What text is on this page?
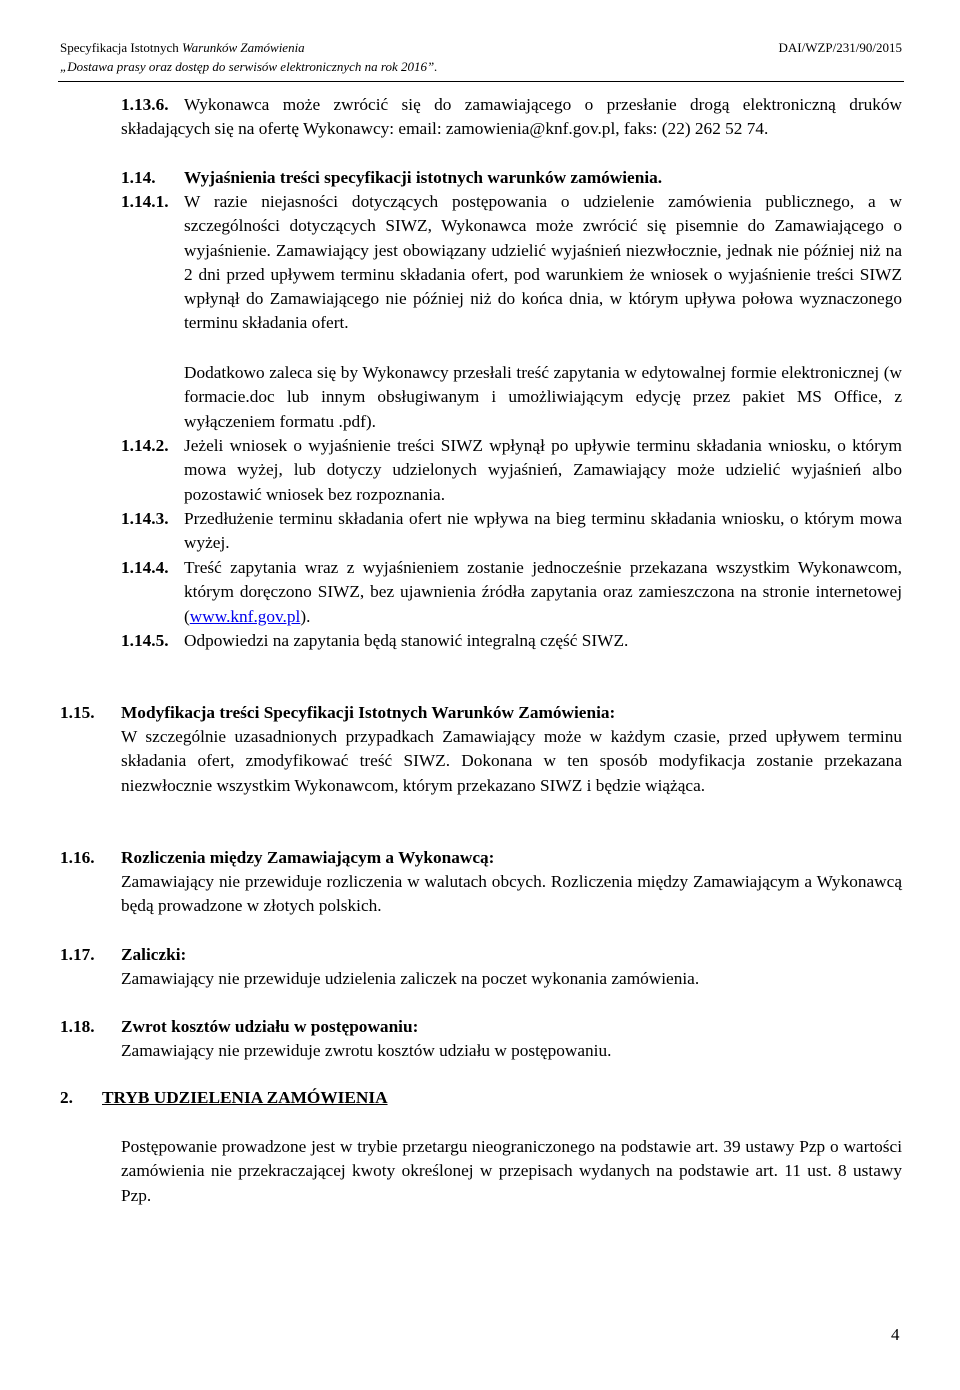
Specyfikacja Istotnych Warunków Zamówienia	DAI/WZP/231/90/2015
„Dostawa prasy oraz dostęp do serwisów elektronicznych na rok 2016”.
1.13.6. Wykonawca może zwrócić się do zamawiającego o przesłanie drogą elektroniczną druków składających się na ofertę Wykonawcy: email: zamowienia@knf.gov.pl, faks: (22) 262 52 74.

1.14. Wyjaśnienia treści specyfikacji istotnych warunków zamówienia.
1.14.1. W razie niejasności dotyczących postępowania o udzielenie zamówienia publicznego, a w szczególności dotyczących SIWZ, Wykonawca może zwrócić się pisemnie do Zamawiającego o wyjaśnienie. Zamawiający jest obowiązany udzielić wyjaśnień niezwłocznie, jednak nie później niż na 2 dni przed upływem terminu składania ofert, pod warunkiem że wniosek o wyjaśnienie treści SIWZ wpłynął do Zamawiającego nie później niż do końca dnia, w którym upływa połowa wyznaczonego terminu składania ofert.

Dodatkowo zaleca się by Wykonawcy przesłali treść zapytania w edytowalnej formie elektronicznej (w formacie.doc lub innym obsługiwanym i umożliwiającym edycję przez pakiet MS Office, z wyłączeniem formatu .pdf).

1.14.2. Jeżeli wniosek o wyjaśnienie treści SIWZ wpłynął po upływie terminu składania wniosku, o którym mowa wyżej, lub dotyczy udzielonych wyjaśnień, Zamawiający może udzielić wyjaśnień albo pozostawić wniosek bez rozpoznania.

1.14.3. Przedłużenie terminu składania ofert nie wpływa na bieg terminu składania wniosku, o którym mowa wyżej.

1.14.4. Treść zapytania wraz z wyjaśnieniem zostanie jednocześnie przekazana wszystkim Wykonawcom, którym doręczono SIWZ, bez ujawnienia źródła zapytania oraz zamieszczona na stronie internetowej (www.knf.gov.pl).

1.14.5. Odpowiedzi na zapytania będą stanowić integralną część SIWZ.

1.15. Modyfikacja treści Specyfikacji Istotnych Warunków Zamówienia:

W szczególnie uzasadnionych przypadkach Zamawiający może w każdym czasie, przed upływem terminu składania ofert, zmodyfikować treść SIWZ. Dokonana w ten sposób modyfikacja zostanie przekazana niezwłocznie wszystkim Wykonawcom, którym przekazano SIWZ i będzie wiążąca.

1.16. Rozliczenia między Zamawiającym a Wykonawcą:

Zamawiający nie przewiduje rozliczenia w walutach obcych. Rozliczenia między Zamawiającym a Wykonawcą będą prowadzone w złotych polskich.

1.17. Zaliczki:

Zamawiający nie przewiduje udzielenia zaliczek na poczet wykonania zamówienia.

1.18. Zwrot kosztów udziału w postępowaniu:

Zamawiający nie przewiduje zwrotu kosztów udziału w postępowaniu.

2. TRYB UDZIELENIA ZAMÓWIENIA

Postępowanie prowadzone jest w trybie przetargu nieograniczonego na podstawie art. 39 ustawy Pzp o wartości zamówienia nie przekraczającej kwoty określonej w przepisach wydanych na podstawie art. 11 ust. 8 ustawy Pzp.

4
